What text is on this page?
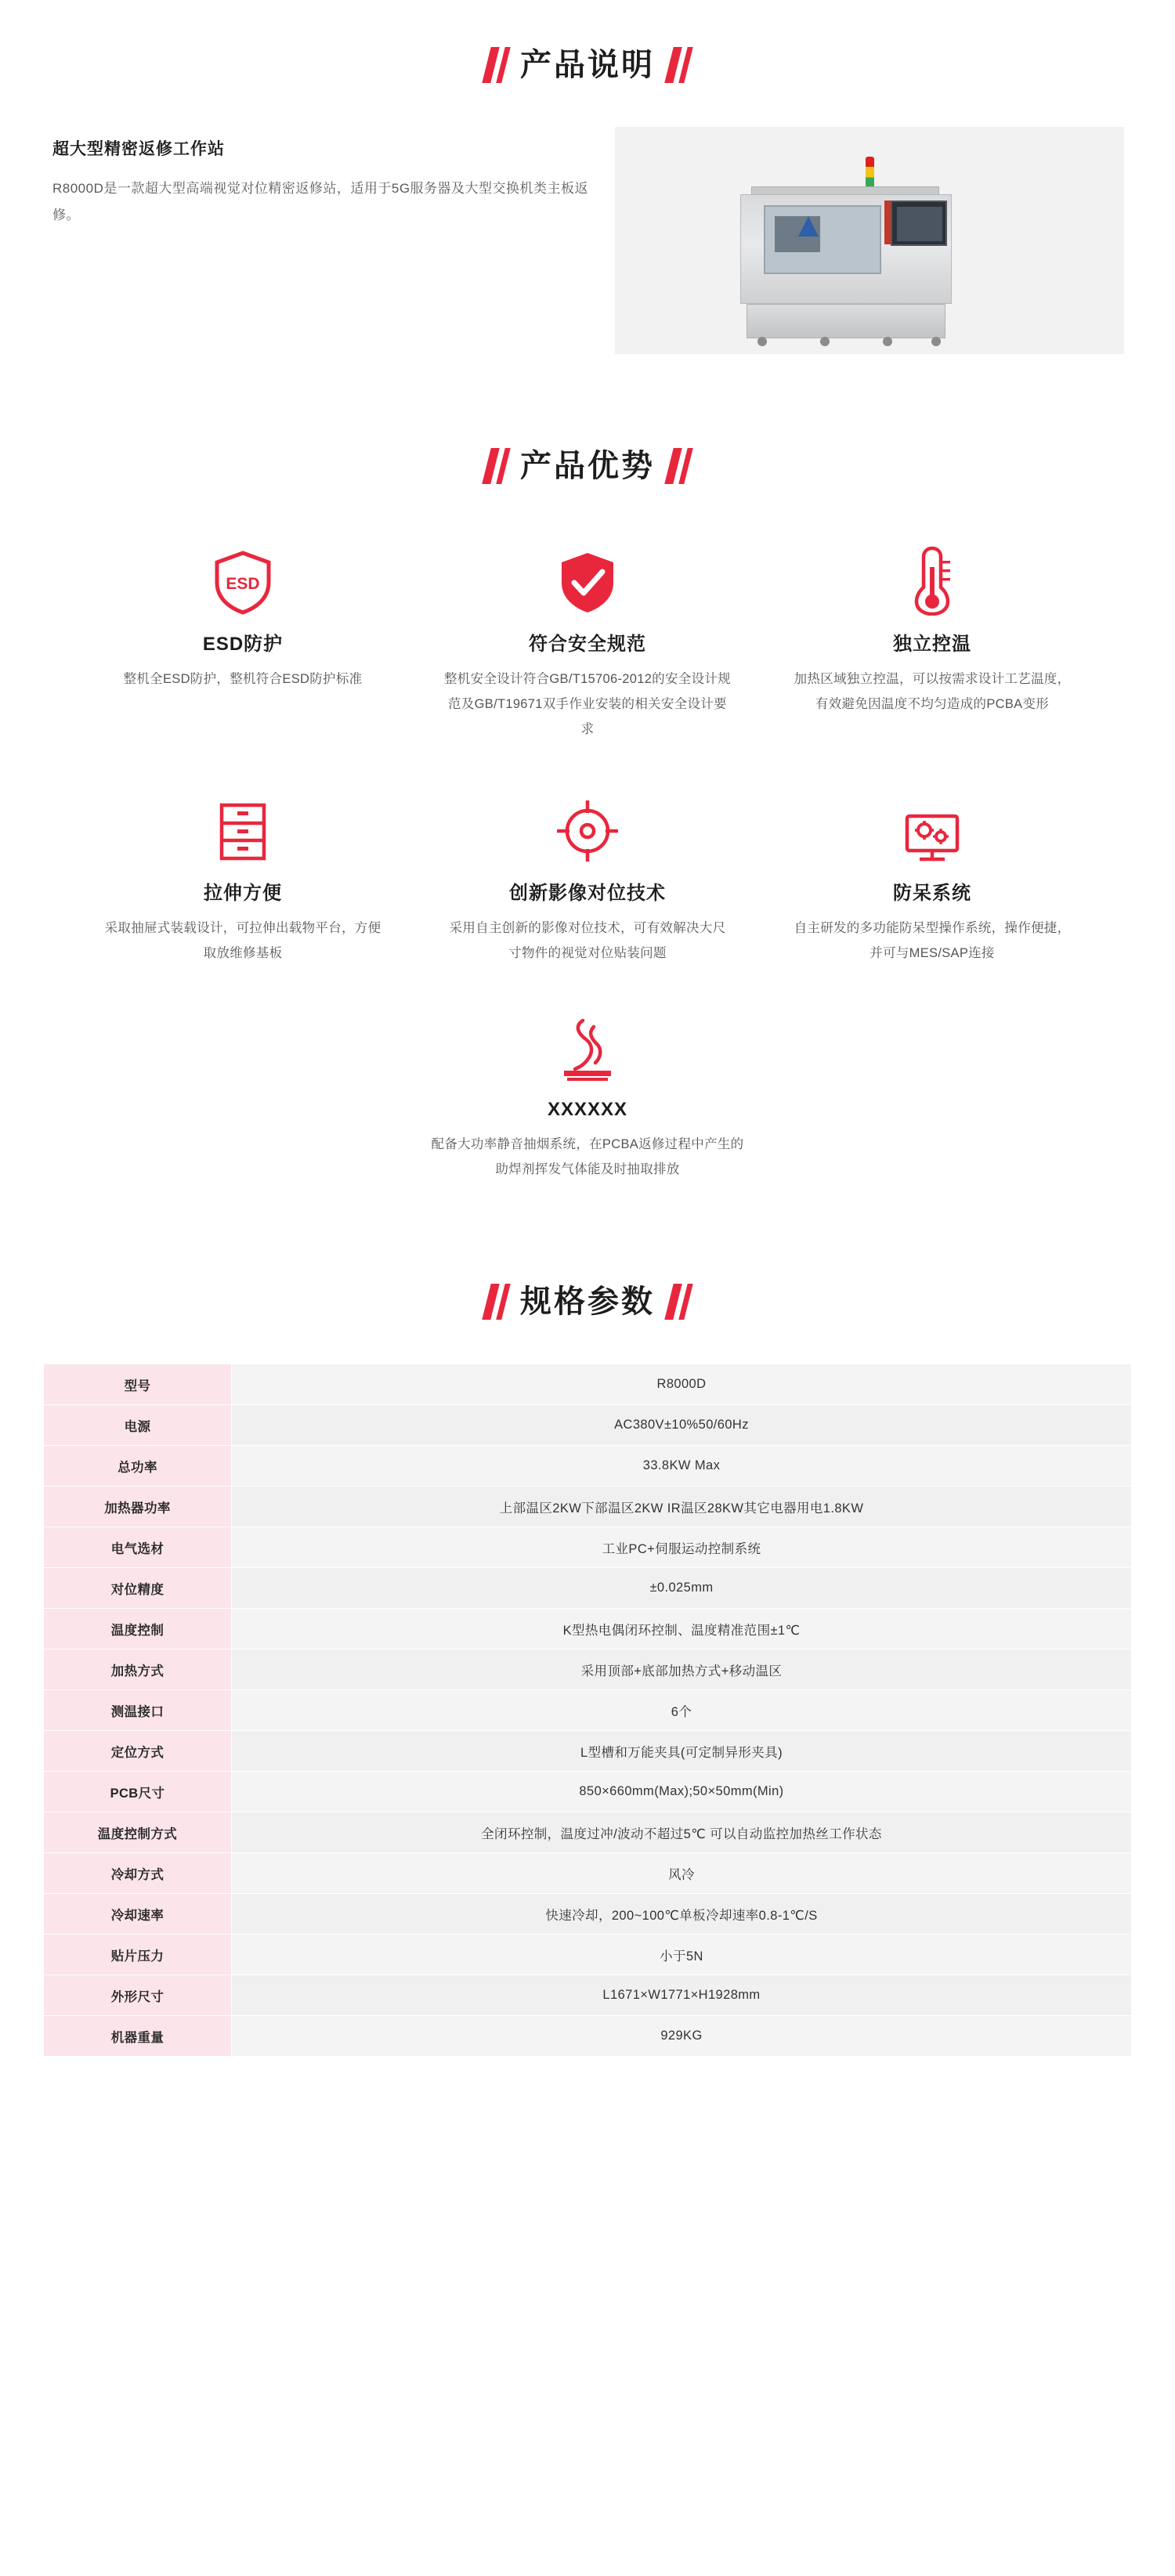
产品说明
超大型精密返修工作站
R8000D是一款超大型高端视觉对位精密返修站，适用于5G服务器及大型交换机类主板返修。
产品优势
ESD
ESD防护
整机全ESD防护，整机符合ESD防护标准
符合安全规范
整机安全设计符合GB/T15706-2012的安全设计规范及GB/T19671双手作业安装的相关安全设计要求
独立控温
加热区域独立控温，可以按需求设计工艺温度，有效避免因温度不均匀造成的PCBA变形
拉伸方便
采取抽屉式装载设计，可拉伸出载物平台，方便取放维修基板
创新影像对位技术
采用自主创新的影像对位技术，可有效解决大尺寸物件的视觉对位贴装问题
防呆系统
自主研发的多功能防呆型操作系统，操作便捷，并可与MES/SAP连接
XXXXXX
配备大功率静音抽烟系统，在PCBA返修过程中产生的助焊剂挥发气体能及时抽取排放
规格参数
型号	R8000D
电源	AC380V±10%50/60Hz
总功率	33.8KW Max
加热器功率	上部温区2KW下部温区2KW IR温区28KW其它电器用电1.8KW
电气选材	工业PC+伺服运动控制系统
对位精度	±0.025mm
温度控制	K型热电偶闭环控制、温度精准范围±1℃
加热方式	采用顶部+底部加热方式+移动温区
测温接口	6个
定位方式	L型槽和万能夹具(可定制异形夹具)
PCB尺寸	850×660mm(Max);50×50mm(Min)
温度控制方式	全闭环控制，温度过冲/波动不超过5℃ 可以自动监控加热丝工作状态
冷却方式	风冷
冷却速率	快速冷却，200~100℃单板冷却速率0.8-1℃/S
贴片压力	小于5N
外形尺寸	L1671×W1771×H1928mm
机器重量	929KG
